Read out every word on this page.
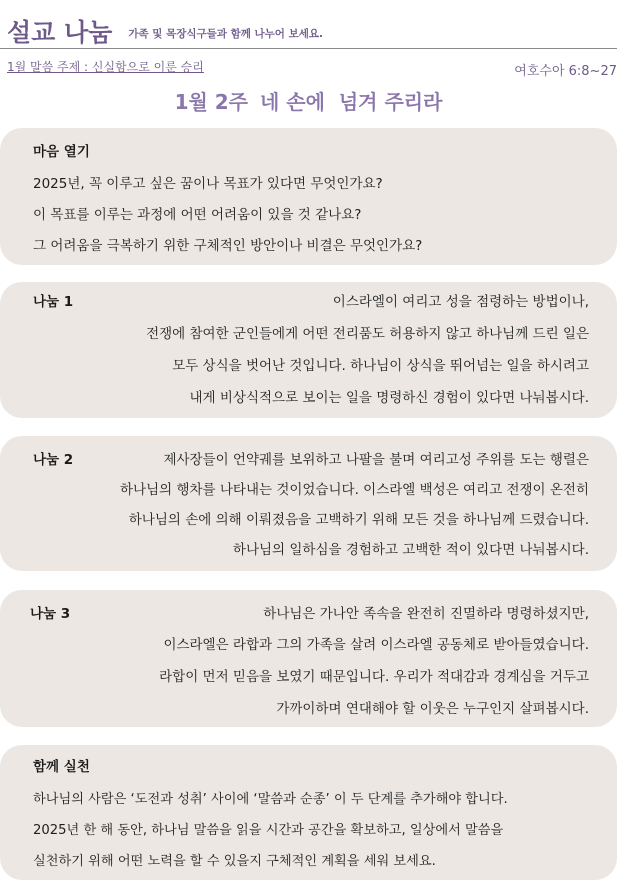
설교 나눔 가족 및 목장식구들과 함께 나누어 보세요.
1월 말씀 주제 : 신실함으로 이룬 승리	여호수아 6:8~27
1월 2주 네 손에  넘겨 주리라
마음 열기
2025년, 꼭 이루고 싶은 꿈이나 목표가 있다면 무엇인가요?
이 목표를 이루는 과정에 어떤 어려움이 있을 것 같나요?
그 어려움을 극복하기 위한 구체적인 방안이나 비결은 무엇인가요?
나눔 1	이스라엘이 여리고 성을 점령하는 방법이나,
전쟁에 참여한 군인들에게 어떤 전리품도 허용하지 않고 하나님께 드린 일은
모두 상식을 벗어난 것입니다. 하나님이 상식을 뛰어넘는 일을 하시려고
내게 비상식적으로 보이는 일을 명령하신 경험이 있다면 나눠봅시다.
나눔 2	제사장들이 언약궤를 보위하고 나팔을 불며 여리고성 주위를 도는 행렬은
하나님의 행차를 나타내는 것이었습니다. 이스라엘 백성은 여리고 전쟁이 온전히
하나님의 손에 의해 이뤄졌음을 고백하기 위해 모든 것을 하나님께 드렸습니다.
하나님의 일하심을 경험하고 고백한 적이 있다면 나눠봅시다.
나눔 3	하나님은 가나안 족속을 완전히 진멸하라 명령하셨지만,
이스라엘은 라합과 그의 가족을 살려 이스라엘 공동체로 받아들였습니다.
라합이 먼저 믿음을 보였기 때문입니다. 우리가 적대감과 경계심을 거두고
가까이하며 연대해야 할 이웃은 누구인지 살펴봅시다.
함께 실천
하나님의 사람은 ‘도전과 성취’ 사이에 ‘말씀과 순종’ 이 두 단계를 추가해야 합니다.
2025년 한 해 동안, 하나님 말씀을 읽을 시간과 공간을 확보하고, 일상에서 말씀을
실천하기 위해 어떤 노력을 할 수 있을지 구체적인 계획을 세워 보세요.
